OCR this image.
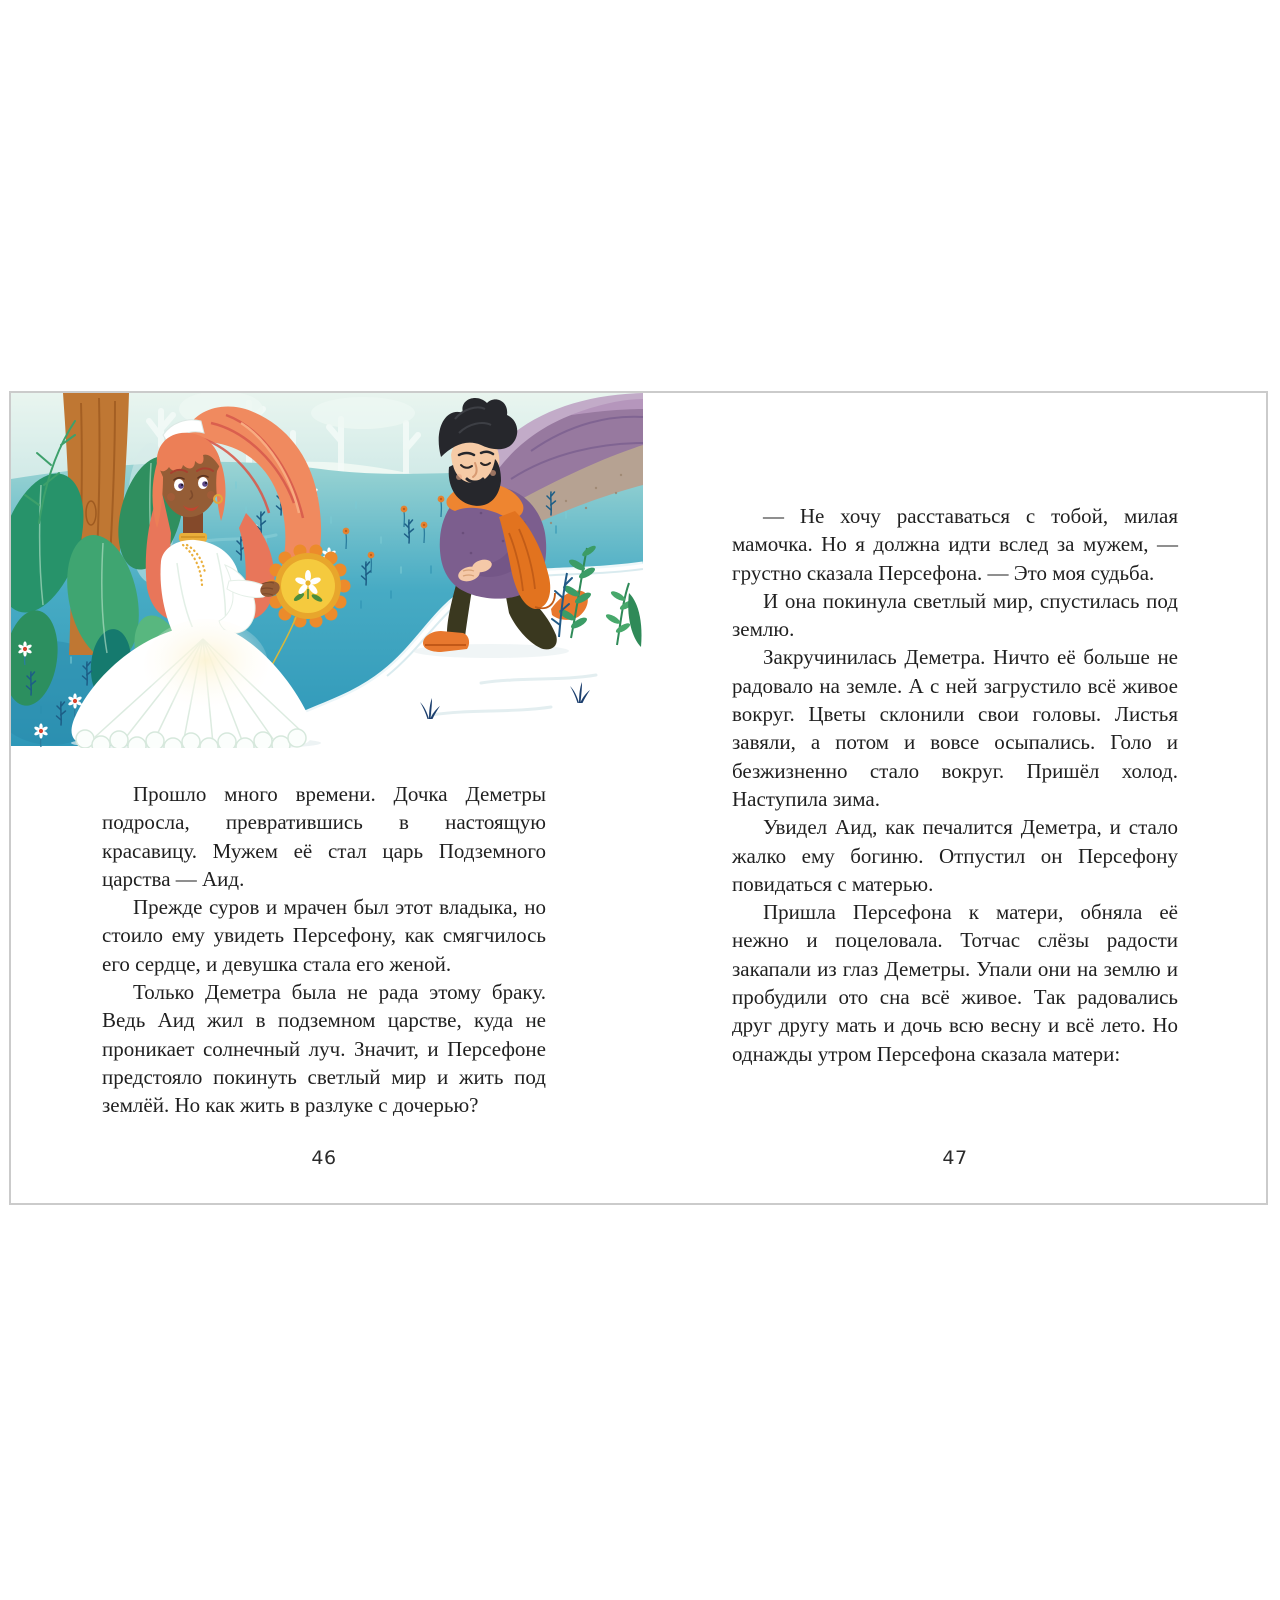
Прошло много времени. Дочка Деметры подросла, превратившись в настоящую красавицу. Мужем её стал царь Подземного царства — Аид.

Прежде суров и мрачен был этот владыка, но стоило ему увидеть Персефону, как смягчилось его сердце, и девушка стала его женой.

Только Деметра была не рада этому браку. Ведь Аид жил в подземном царстве, куда не проникает солнечный луч. Значит, и Персефоне предстояло покинуть светлый мир и жить под землёй. Но как жить в разлуке с дочерью?

— Не хочу расставаться с тобой, милая мамочка. Но я должна идти вслед за мужем, — грустно сказала Персефона. — Это моя судьба.

И она покинула светлый мир, спустилась под землю.

Закручинилась Деметра. Ничто её больше не радовало на земле. А с ней загрустило всё живое вокруг. Цветы склонили свои головы. Листья завяли, а потом и вовсе осыпались. Голо и безжизненно стало вокруг. Пришёл холод. Наступила зима.

Увидел Аид, как печалится Деметра, и стало жалко ему богиню. Отпустил он Персефону повидаться с матерью.

Пришла Персефона к матери, обняла её нежно и поцеловала. Тотчас слёзы радости закапали из глаз Деметры. Упали они на землю и пробудили ото сна всё живое. Так радовались друг другу мать и дочь всю весну и всё лето. Но однажды утром Персефона сказала матери:

46	47
